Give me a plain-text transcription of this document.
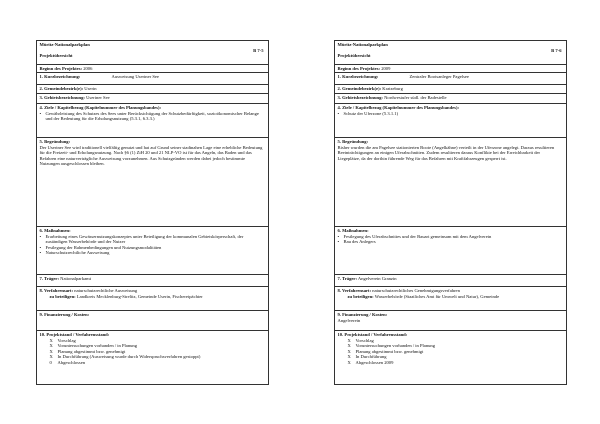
Müritz-Nationalparkplan
B 7-5
Projektübersicht
Beginn des Projektes: 2006
1. Kurzbezeichnung:	Ausweisung Useriner See
2. Gemeindebezirk(e): Userin
3. Gebietsbezeichnung: Useriner See
4. Ziele / Kapitelbezug (Kapitelnummer des Planungsbandes):
• Gewährleistung des Schutzes des Sees unter Berücksichtigung der Schutzbedürftigkeit, sozioökonomischer Belange und der Bedeutung für die Erholungsnutzung (5.3.1, 6.3.3.)
5. Begründung:
Der Useriner See wird traditionell vielfältig genutzt und hat auf Grund seiner stadtnahen Lage eine erhebliche Bedeutung für die Freizeit- und Erholungsnutzung. Nach §6 (1) ZiH 20 und 21 NLP-VO ist für das Angeln, das Baden und das Befahren eine naturverträgliche Ausweisung vorzunehmen. Aus Schutzgründen werden dabei jedoch bestimmte Nutzungen ausgeschlossen bleiben.
6. Maßnahmen:
• Erarbeitung eines Gewässernutzungskonzeptes unter Beteiligung der kommunalen Gebietskörperschaft, der zuständigen Wasserbehörde und der Nutzer
• Festlegung der Rahmenbedingungen und Nutzungsmodalitäten
• Naturschutzrechtliche Ausweisung
7. Träger: Nationalparkamt
8. Verfahrensart: naturschutzrechtliche Ausweisung
zu beteiligen: Landkreis Mecklenburg-Strelitz, Gemeinde Userin, Fischereipächter
9. Finanzierung / Kosten:
10. Projektstand / Verfahrensstand:
X	Vorschlag
X	Voruntersuchungen vorhanden / in Planung
X	Planung abgestimmt bzw. genehmigt
X	In Durchführung (Ausweisung wurde durch Widerspruchsverfahren gestoppt)
0	Abgeschlossen
Müritz-Nationalparkplan
B 7-6
Projektübersicht
Beginn des Projektes: 2009
1. Kurzbezeichnung:	Zentraler Bootsanleger Pagelsee
2. Gemeindebezirk(e): Kratzeburg
3. Gebietsbezeichnung: Nordwestufer südl. der Badestelle
4. Ziele / Kapitelbezug (Kapitelnummer des Planungsbandes):
• Schutz der Uferzone (5.3.1.1)
5. Begründung:
Bisher wurden die am Pagelsee stationierten Boote (Angelkähne) verteilt in der Uferzone angelegt. Daraus resultieren Beeinträchtigungen an einigen Uferabschnitten. Zudem resultieren daraus Konflikte bei der Erreichbarkeit der Liegeplätze, da der dorthin führende Weg für das Befahren mit Kraftfahrzeugen gesperrt ist.
6. Maßnahmen:
• Festlegung des Uferabschnittes und der Bauart gemeinsam mit dem Angelverein
• Bau des Anlegers
7. Träger: Angelverein Granzin
8. Verfahrensart: naturschutzrechtliches Genehmigungsverfahren
zu beteiligen: Wasserbehörde (Staatliches Amt für Umwelt und Natur), Gemeinde
9. Finanzierung / Kosten:
Angelverein
10. Projektstand / Verfahrensstand:
X	Vorschlag
X	Voruntersuchungen vorhanden / in Planung
X	Planung abgestimmt bzw. genehmigt
X	In Durchführung
X	Abgeschlossen 2009
